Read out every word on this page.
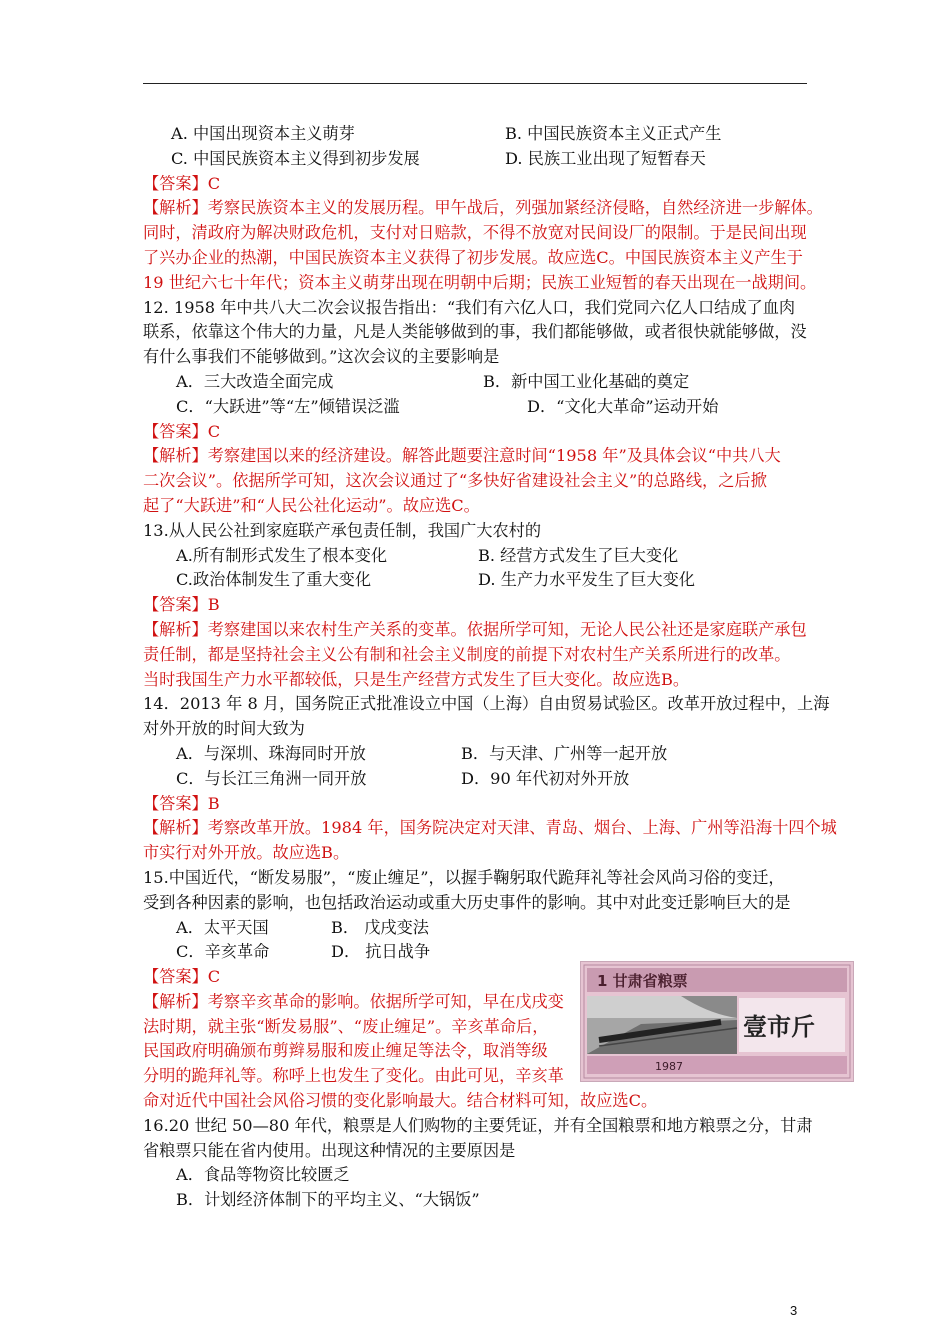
A. 中国出现资本主义萌芽	B. 中国民族资本主义正式产生
C. 中国民族资本主义得到初步发展	D. 民族工业出现了短暂春天
【答案】C
【解析】考察民族资本主义的发展历程。甲午战后，列强加紧经济侵略，自然经济进一步解体。
同时，清政府为解决财政危机，支付对日赔款，不得不放宽对民间设厂的限制。于是民间出现
了兴办企业的热潮，中国民族资本主义获得了初步发展。故应选C。中国民族资本主义产生于
19 世纪六七十年代；资本主义萌芽出现在明朝中后期；民族工业短暂的春天出现在一战期间。
12. 1958 年中共八大二次会议报告指出：“我们有六亿人口，我们党同六亿人口结成了血肉
联系，依靠这个伟大的力量，凡是人类能够做到的事，我们都能够做，或者很快就能够做，没
有什么事我们不能够做到。”这次会议的主要影响是
A．三大改造全面完成	B．新中国工业化基础的奠定
C．“大跃进”等“左”倾错误泛滥	D．“文化大革命”运动开始
【答案】C
【解析】考察建国以来的经济建设。解答此题要注意时间“1958 年”及具体会议“中共八大
二次会议”。依据所学可知，这次会议通过了“多快好省建设社会主义”的总路线，之后掀
起了“大跃进”和“人民公社化运动”。故应选C。
13.从人民公社到家庭联产承包责任制，我国广大农村的
A.所有制形式发生了根本变化	B. 经营方式发生了巨大变化
C.政治体制发生了重大变化	D. 生产力水平发生了巨大变化
【答案】B
【解析】考察建国以来农村生产关系的变革。依据所学可知，无论人民公社还是家庭联产承包
责任制，都是坚持社会主义公有制和社会主义制度的前提下对农村生产关系所进行的改革。
当时我国生产力水平都较低，只是生产经营方式发生了巨大变化。故应选B。
14．2013 年 8 月，国务院正式批准设立中国（上海）自由贸易试验区。改革开放过程中，上海
对外开放的时间大致为
A．与深圳、珠海同时开放	B．与天津、广州等一起开放
C．与长江三角洲一同开放	D．90 年代初对外开放
【答案】B
【解析】考察改革开放。1984 年，国务院决定对天津、青岛、烟台、上海、广州等沿海十四个城
市实行对外开放。故应选B。
15.中国近代，“断发易服”，“废止缠足”，以握手鞠躬取代跪拜礼等社会风尚习俗的变迁，
受到各种因素的影响，也包括政治运动或重大历史事件的影响。其中对此变迁影响巨大的是
A．太平天国	B． 戊戌变法
C．辛亥革命	D． 抗日战争
【答案】C
【解析】考察辛亥革命的影响。依据所学可知，早在戊戌变
法时期，就主张“断发易服”、“废止缠足”。辛亥革命后，
民国政府明确颁布剪辫易服和废止缠足等法令，取消等级
分明的跪拜礼等。称呼上也发生了变化。由此可见，辛亥革
命对近代中国社会风俗习惯的变化影响最大。结合材料可知，故应选C。
16.20 世纪 50—80 年代，粮票是人们购物的主要凭证，并有全国粮票和地方粮票之分，甘肃
省粮票只能在省内使用。出现这种情况的主要原因是
A．食品等物资比较匮乏
B．计划经济体制下的平均主义、“大锅饭”
1 甘肃省粮票
壹市斤
1987
3
